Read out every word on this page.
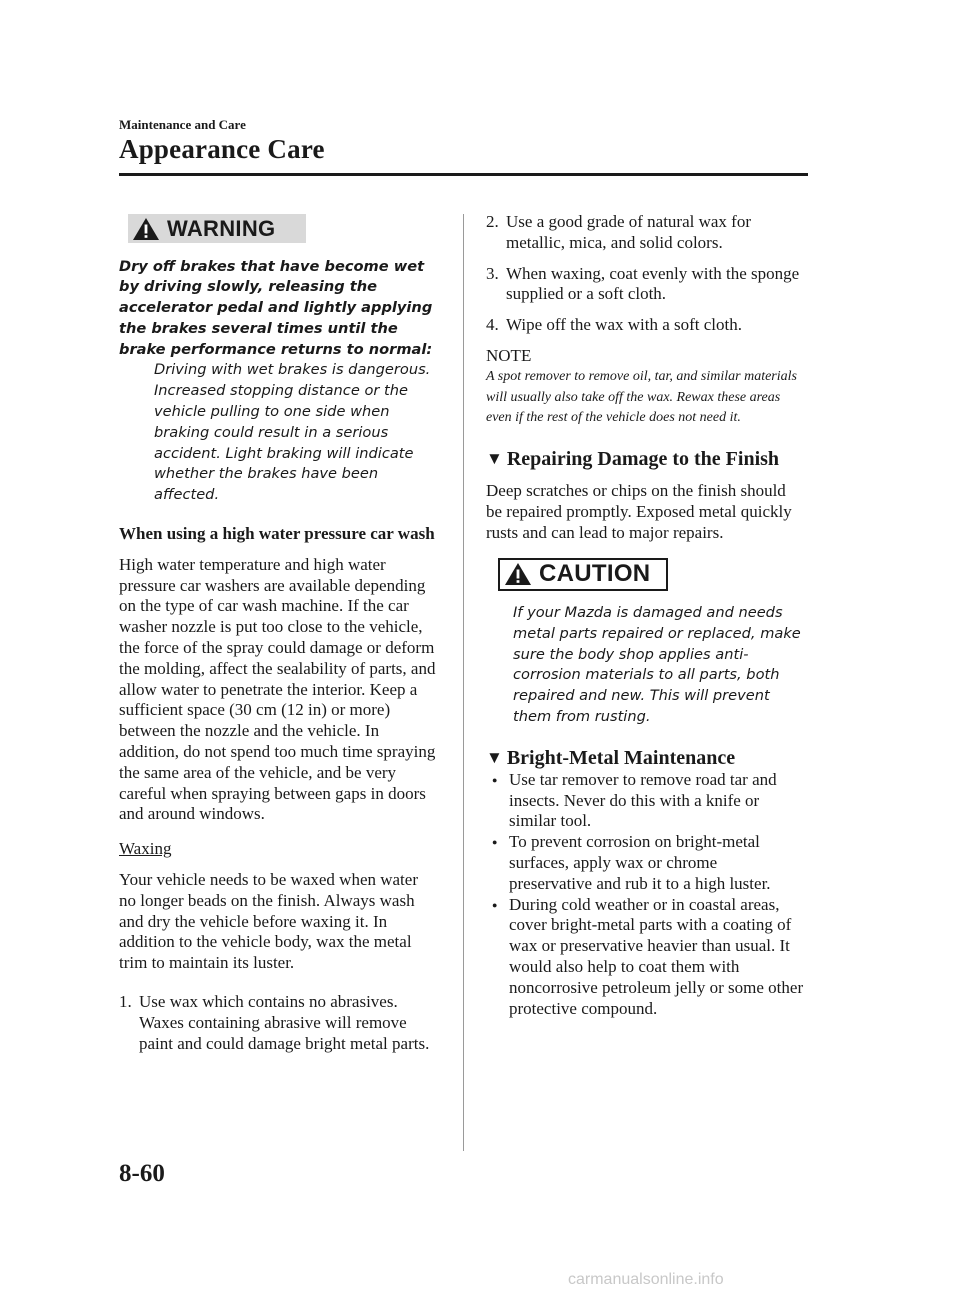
Maintenance and Care
Appearance Care
WARNING

Dry off brakes that have become wet by driving slowly, releasing the accelerator pedal and lightly applying the brakes several times until the brake performance returns to normal:

Driving with wet brakes is dangerous. Increased stopping distance or the vehicle pulling to one side when braking could result in a serious accident. Light braking will indicate whether the brakes have been affected.

When using a high water pressure car wash

High water temperature and high water pressure car washers are available depending on the type of car wash machine. If the car washer nozzle is put too close to the vehicle, the force of the spray could damage or deform the molding, affect the sealability of parts, and allow water to penetrate the interior. Keep a sufficient space (30 cm (12 in) or more) between the nozzle and the vehicle. In addition, do not spend too much time spraying the same area of the vehicle, and be very careful when spraying between gaps in doors and around windows.

Waxing

Your vehicle needs to be waxed when water no longer beads on the finish. Always wash and dry the vehicle before waxing it. In addition to the vehicle body, wax the metal trim to maintain its luster.

1. Use wax which contains no abrasives. Waxes containing abrasive will remove paint and could damage bright metal parts.
2. Use a good grade of natural wax for metallic, mica, and solid colors.
3. When waxing, coat evenly with the sponge supplied or a soft cloth.
4. Wipe off the wax with a soft cloth.

NOTE

A spot remover to remove oil, tar, and similar materials will usually also take off the wax. Rewax these areas even if the rest of the vehicle does not need it.

▼ Repairing Damage to the Finish

Deep scratches or chips on the finish should be repaired promptly. Exposed metal quickly rusts and can lead to major repairs.

CAUTION

If your Mazda is damaged and needs metal parts repaired or replaced, make sure the body shop applies anti-corrosion materials to all parts, both repaired and new. This will prevent them from rusting.

▼ Bright-Metal Maintenance
● Use tar remover to remove road tar and insects. Never do this with a knife or similar tool.
● To prevent corrosion on bright-metal surfaces, apply wax or chrome preservative and rub it to a high luster.
● During cold weather or in coastal areas, cover bright-metal parts with a coating of wax or preservative heavier than usual. It would also help to coat them with noncorrosive petroleum jelly or some other protective compound.
8-60
carmanualsonline.info
